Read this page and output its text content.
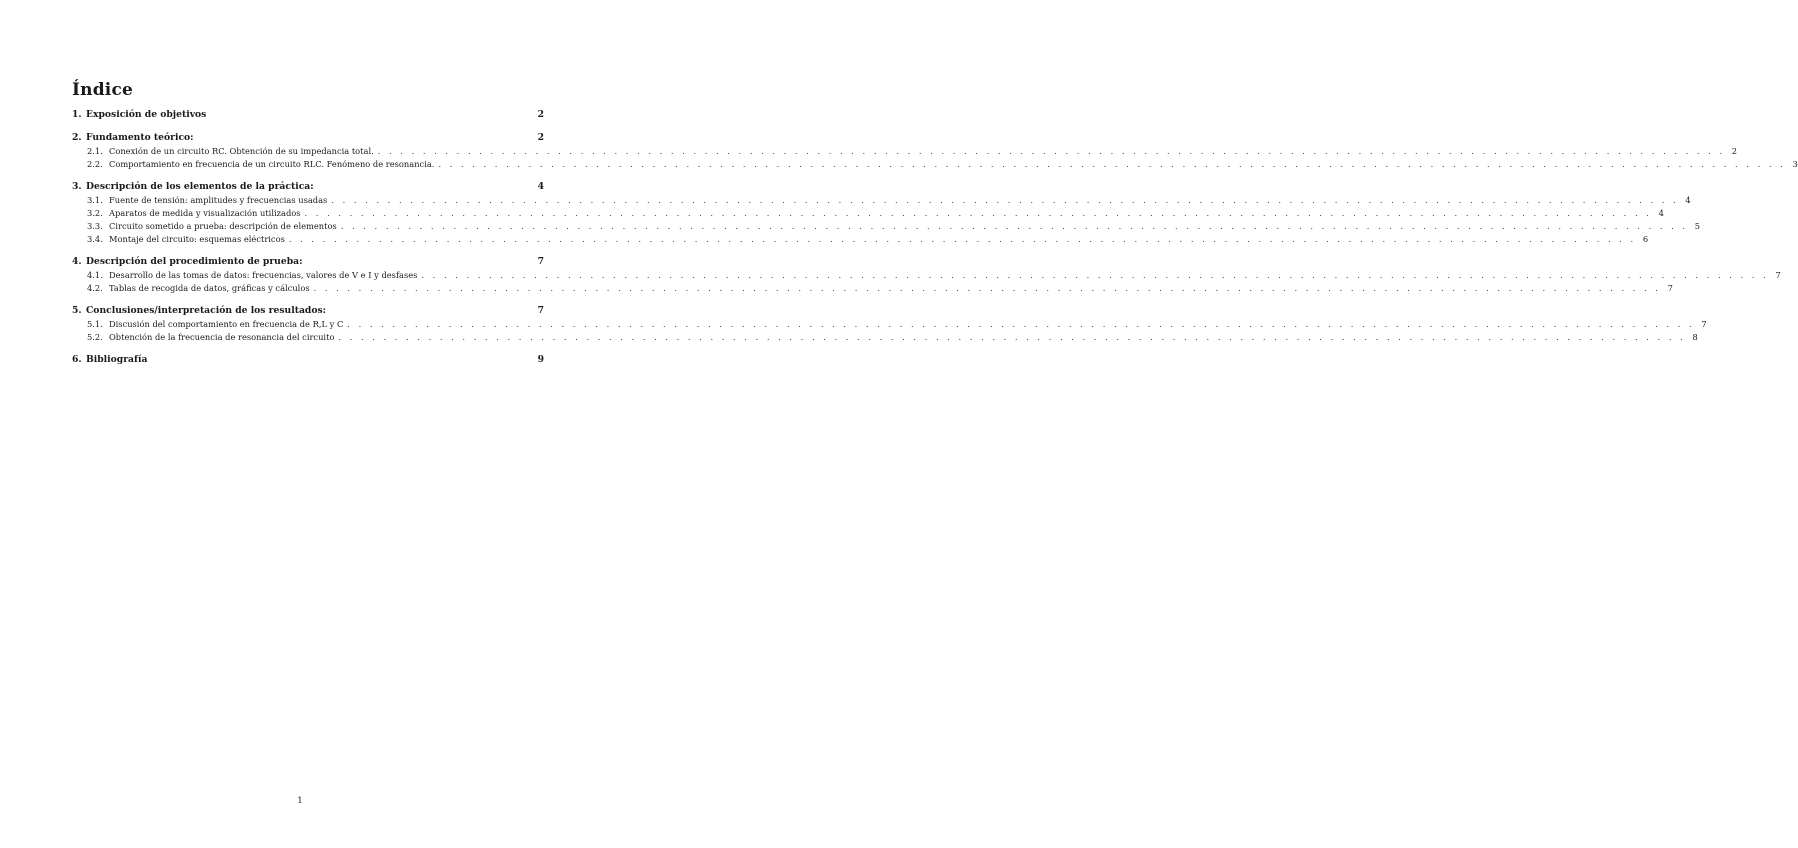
Índice
1. Exposición de objetivos	2
2. Fundamento teórico:	2
2.1. Conexión de un circuito RC. Obtención de su impedancia total. . . . . . . . . . . . . . . . . . . . . . . . . . . . . . . . . . . . . . . . . . . . . . . . . . . . . . . . . . . . . . . . . . . . . . . . . . . . . . . . . . . . . . . . . . . . . . . . . . . . . . . . . . . . . . . . . . . . . . . . . 2
2.2. Comportamiento en frecuencia de un circuito RLC. Fenómeno de resonancia. . . . . . . . . . . . . . . . . . . . . . . . . . . . . . . . . . . . . . . . . . . . . . . . . . . . . . . . . . . . . . . . . . . . . . . . . . . . . . . . . . . . . . . . . . . . . . . . . . . . . . . . . . . . . . . . . . . . . . . . . 3
3. Descripción de los elementos de la práctica:	4
3.1. Fuente de tensión: amplitudes y frecuencias usadas . . . . . . . . . . . . . . . . . . . . . . . . . . . . . . . . . . . . . . . . . . . . . . . . . . . . . . . . . . . . . . . . . . . . . . . . . . . . . . . . . . . . . . . . . . . . . . . . . . . . . . . . . . . . . . . . . . . . . . . . 4
3.2. Aparatos de medida y visualización utilizados . . . . . . . . . . . . . . . . . . . . . . . . . . . . . . . . . . . . . . . . . . . . . . . . . . . . . . . . . . . . . . . . . . . . . . . . . . . . . . . . . . . . . . . . . . . . . . . . . . . . . . . . . . . . . . . . . . . . . . . . 4
3.3. Circuito sometido a prueba: descripción de elementos . . . . . . . . . . . . . . . . . . . . . . . . . . . . . . . . . . . . . . . . . . . . . . . . . . . . . . . . . . . . . . . . . . . . . . . . . . . . . . . . . . . . . . . . . . . . . . . . . . . . . . . . . . . . . . . . . . . . . . . . 5
3.4. Montaje del circuito: esquemas eléctricos . . . . . . . . . . . . . . . . . . . . . . . . . . . . . . . . . . . . . . . . . . . . . . . . . . . . . . . . . . . . . . . . . . . . . . . . . . . . . . . . . . . . . . . . . . . . . . . . . . . . . . . . . . . . . . . . . . . . . . . . 6
4. Descripción del procedimiento de prueba:	7
4.1. Desarrollo de las tomas de datos: frecuencias, valores de V e I y desfases . . . . . . . . . . . . . . . . . . . . . . . . . . . . . . . . . . . . . . . . . . . . . . . . . . . . . . . . . . . . . . . . . . . . . . . . . . . . . . . . . . . . . . . . . . . . . . . . . . . . . . . . . . . . . . . . . . . . . . . . 7
4.2. Tablas de recogida de datos, gráficas y cálculos . . . . . . . . . . . . . . . . . . . . . . . . . . . . . . . . . . . . . . . . . . . . . . . . . . . . . . . . . . . . . . . . . . . . . . . . . . . . . . . . . . . . . . . . . . . . . . . . . . . . . . . . . . . . . . . . . . . . . . . . 7
5. Conclusiones/interpretación de los resultados:	7
5.1. Discusión del comportamiento en frecuencia de R,L y C . . . . . . . . . . . . . . . . . . . . . . . . . . . . . . . . . . . . . . . . . . . . . . . . . . . . . . . . . . . . . . . . . . . . . . . . . . . . . . . . . . . . . . . . . . . . . . . . . . . . . . . . . . . . . . . . . . . . . . . . 7
5.2. Obtención de la frecuencia de resonancia del circuito . . . . . . . . . . . . . . . . . . . . . . . . . . . . . . . . . . . . . . . . . . . . . . . . . . . . . . . . . . . . . . . . . . . . . . . . . . . . . . . . . . . . . . . . . . . . . . . . . . . . . . . . . . . . . . . . . . . . . . . . 8
6. Bibliografía	9
1
